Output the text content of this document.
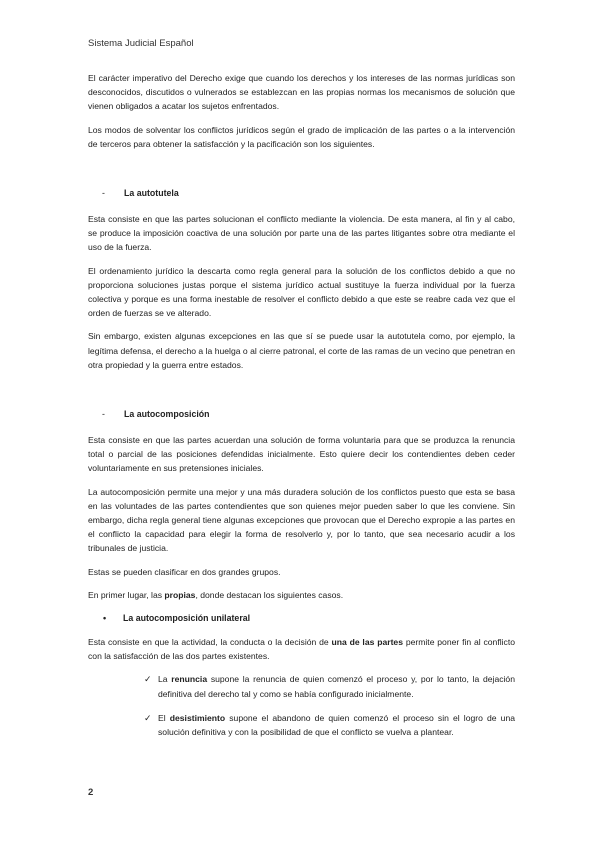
Sistema Judicial Español

El carácter imperativo del Derecho exige que cuando los derechos y los intereses de las normas jurídicas son desconocidos, discutidos o vulnerados se establezcan en las propias normas los mecanismos de solución que vienen obligados a acatar los sujetos enfrentados.

Los modos de solventar los conflictos jurídicos según el grado de implicación de las partes o a la intervención de terceros para obtener la satisfacción y la pacificación son los siguientes.

-	La autotutela

Esta consiste en que las partes solucionan el conflicto mediante la violencia. De esta manera, al fin y al cabo, se produce la imposición coactiva de una solución por parte una de las partes litigantes sobre otra mediante el uso de la fuerza.

El ordenamiento jurídico la descarta como regla general para la solución de los conflictos debido a que no proporciona soluciones justas porque el sistema jurídico actual sustituye la fuerza individual por la fuerza colectiva y porque es una forma inestable de resolver el conflicto debido a que este se reabre cada vez que el orden de fuerzas se ve alterado.

Sin embargo, existen algunas excepciones en las que sí se puede usar la autotutela como, por ejemplo, la legítima defensa, el derecho a la huelga o al cierre patronal, el corte de las ramas de un vecino que penetran en otra propiedad y la guerra entre estados.

-	La autocomposición

Esta consiste en que las partes acuerdan una solución de forma voluntaria para que se produzca la renuncia total o parcial de las posiciones defendidas inicialmente. Esto quiere decir los contendientes deben ceder voluntariamente en sus pretensiones iniciales.

La autocomposición permite una mejor y una más duradera solución de los conflictos puesto que esta se basa en las voluntades de las partes contendientes que son quienes mejor pueden saber lo que les conviene. Sin embargo, dicha regla general tiene algunas excepciones que provocan que el Derecho expropie a las partes en el conflicto la capacidad para elegir la forma de resolverlo y, por lo tanto, que sea necesario acudir a los tribunales de justicia.

Estas se pueden clasificar en dos grandes grupos.

En primer lugar, las propias, donde destacan los siguientes casos.

•	La autocomposición unilateral

Esta consiste en que la actividad, la conducta o la decisión de una de las partes permite poner fin al conflicto con la satisfacción de las dos partes existentes.

✓ La renuncia supone la renuncia de quien comenzó el proceso y, por lo tanto, la dejación definitiva del derecho tal y como se había configurado inicialmente.
✓ El desistimiento supone el abandono de quien comenzó el proceso sin el logro de una solución definitiva y con la posibilidad de que el conflicto se vuelva a plantear.
2
